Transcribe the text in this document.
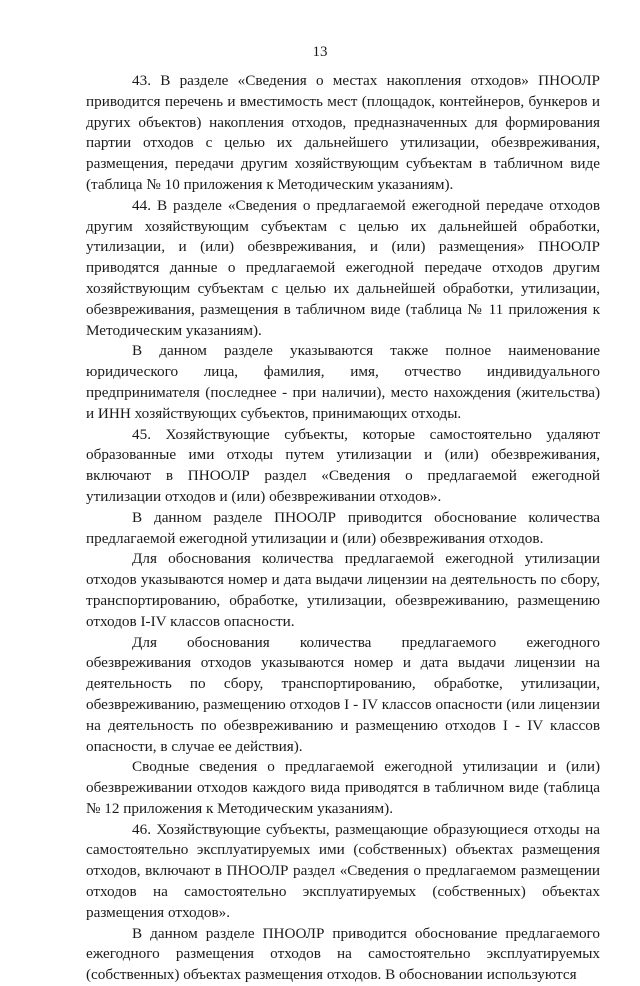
13

43. В разделе «Сведения о местах накопления отходов» ПНООЛР приводится перечень и вместимость мест (площадок, контейнеров, бункеров и других объектов) накопления отходов, предназначенных для формирования партии отходов с целью их дальнейшего утилизации, обезвреживания, размещения, передачи другим хозяйствующим субъектам в табличном виде (таблица № 10 приложения к Методическим указаниям).

44. В разделе «Сведения о предлагаемой ежегодной передаче отходов другим хозяйствующим субъектам с целью их дальнейшей обработки, утилизации, и (или) обезвреживания, и (или) размещения» ПНООЛР приводятся данные о предлагаемой ежегодной передаче отходов другим хозяйствующим субъектам с целью их дальнейшей обработки, утилизации, обезвреживания, размещения в табличном виде (таблица № 11 приложения к Методическим указаниям).

В данном разделе указываются также полное наименование юридического лица, фамилия, имя, отчество индивидуального предпринимателя (последнее - при наличии), место нахождения (жительства) и ИНН хозяйствующих субъектов, принимающих отходы.

45. Хозяйствующие субъекты, которые самостоятельно удаляют образованные ими отходы путем утилизации и (или) обезвреживания, включают в ПНООЛР раздел «Сведения о предлагаемой ежегодной утилизации отходов и (или) обезвреживании отходов».

В данном разделе ПНООЛР приводится обоснование количества предлагаемой ежегодной утилизации и (или) обезвреживания отходов.

Для обоснования количества предлагаемой ежегодной утилизации отходов указываются номер и дата выдачи лицензии на деятельность по сбору, транспортированию, обработке, утилизации, обезвреживанию, размещению отходов I-IV классов опасности.

Для обоснования количества предлагаемого ежегодного обезвреживания отходов указываются номер и дата выдачи лицензии на деятельность по сбору, транспортированию, обработке, утилизации, обезвреживанию, размещению отходов I - IV классов опасности (или лицензии на деятельность по обезвреживанию и размещению отходов I - IV классов опасности, в случае ее действия).

Сводные сведения о предлагаемой ежегодной утилизации и (или) обезвреживании отходов каждого вида приводятся в табличном виде (таблица № 12 приложения к Методическим указаниям).

46. Хозяйствующие субъекты, размещающие образующиеся отходы на самостоятельно эксплуатируемых ими (собственных) объектах размещения отходов, включают в ПНООЛР раздел «Сведения о предлагаемом размещении отходов на самостоятельно эксплуатируемых (собственных) объектах размещения отходов».

В данном разделе ПНООЛР приводится обоснование предлагаемого ежегодного размещения отходов на самостоятельно эксплуатируемых (собственных) объектах размещения отходов. В обосновании используются
